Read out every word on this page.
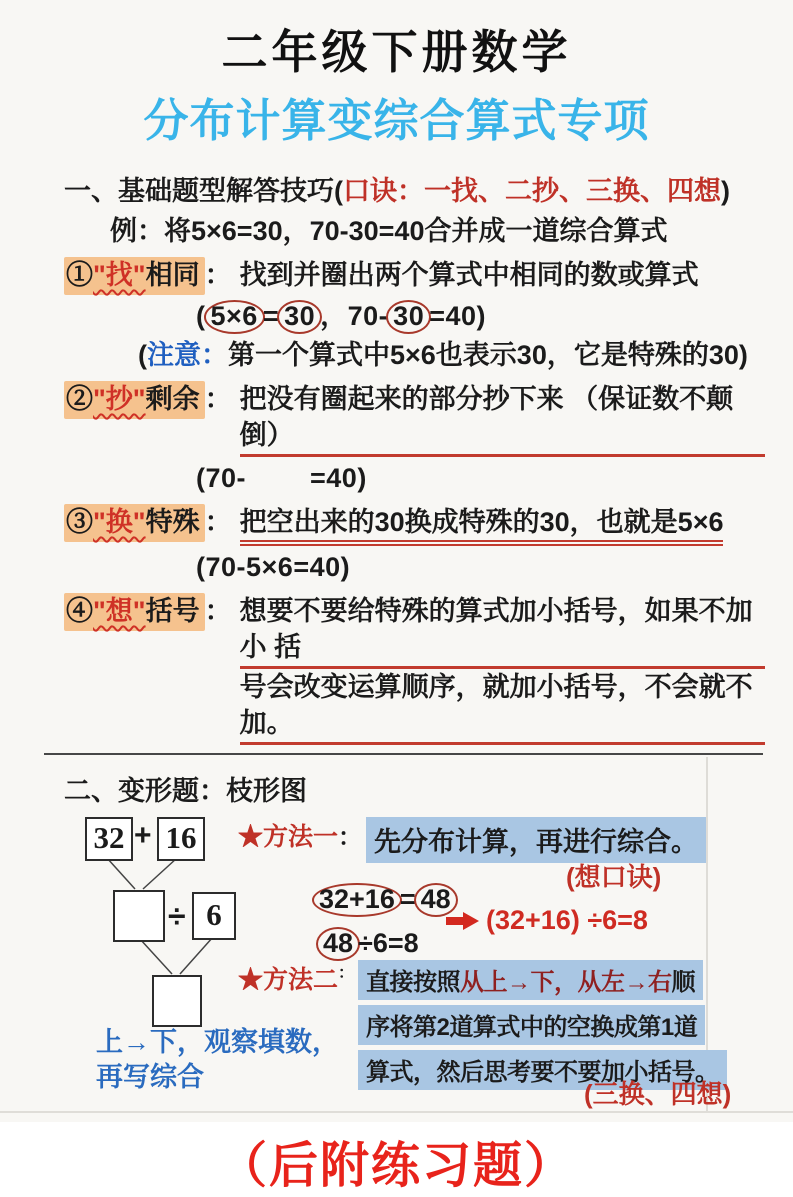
二年级下册数学
分布计算变综合算式专项
一、基础题型解答技巧(口诀：一找、二抄、三换、四想)
例：将5×6=30，70-30=40合并成一道综合算式
①"找"相同 ： 找到并圈出两个算式中相同的数或算式
( 5×6 = 30 ，70- 30 =40)
(注意：第一个算式中5×6也表示30，它是特殊的30)
②"抄"剩余 ： 把没有圈起来的部分抄下来 （保证数不颠倒）
(70- =40)
③"换"特殊 ： 把空出来的30换成特殊的30，也就是5×6
(70-5×6=40)
④"想"括号 ： 想要不要给特殊的算式加小括号，如果不加小 括
号会改变运算顺序，就加小括号，不会就不加。
二、变形题：枝形图
32 + 16
÷ 6
★方法一 ： 先分布计算，再进行综合。
(想口诀)
32+16 = 48
48 ÷6=8
(32+16) ÷6=8
★方法二 ： 直接按照从上→下，从左→右顺
序将第2道算式中的空换成第1道
算式，然后思考要不要加小括号。
(三换、四想)
上→下，观察填数，
再写综合
（后附练习题）
